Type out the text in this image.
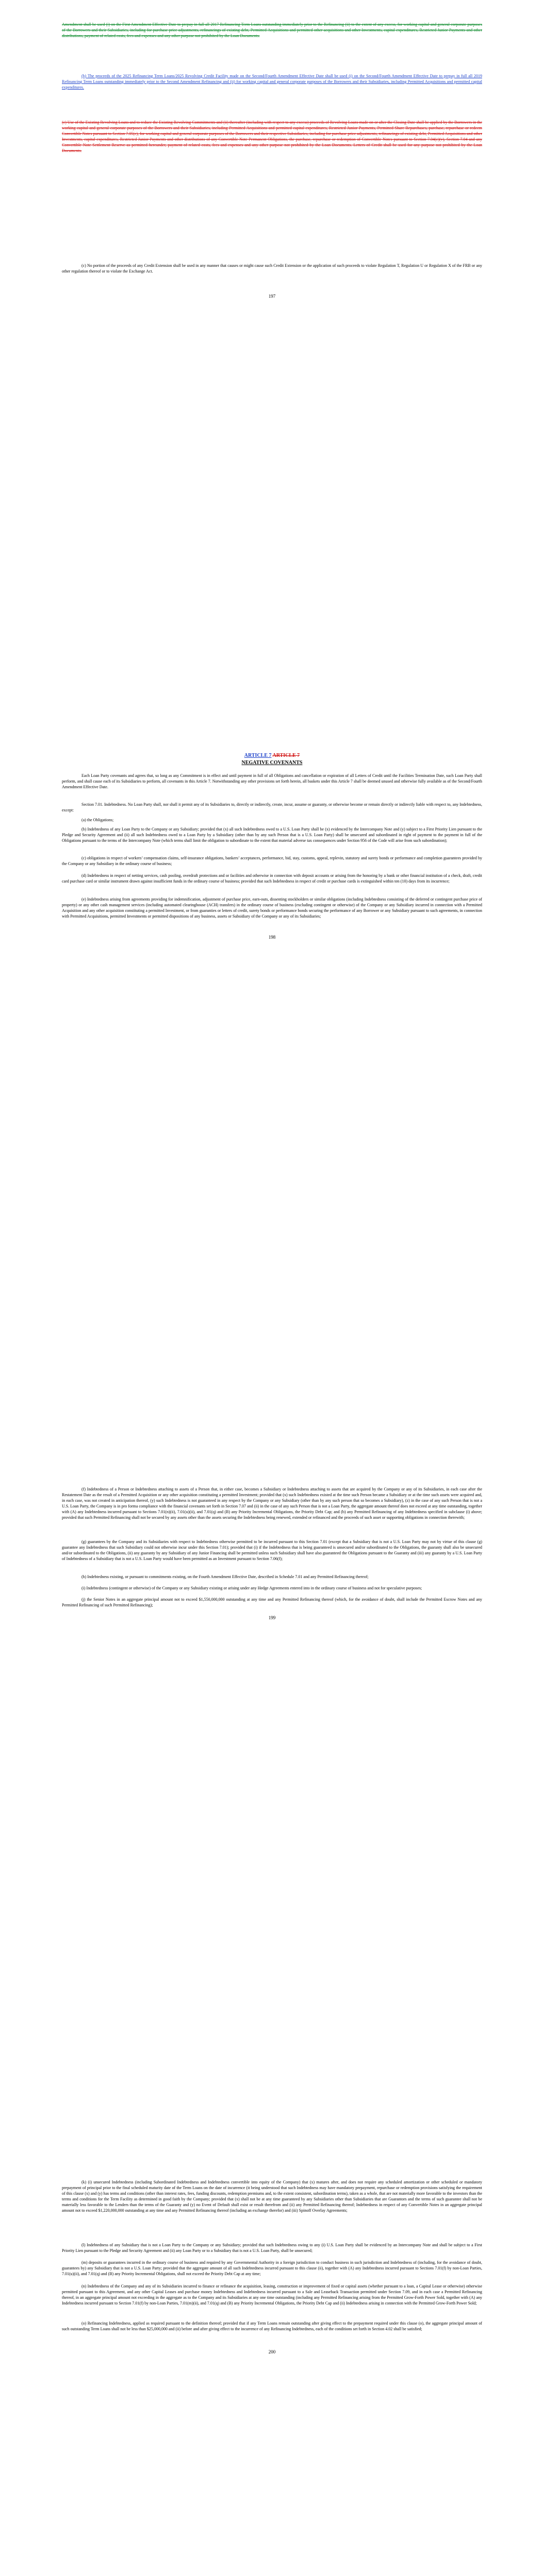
Amendment shall be used (i) on the First Amendment Effective Date to prepay in full all 2017 Refinancing Term Loans outstanding immediately prior to the Refinancing (ii) to the extent of any excess, for working capital and general corporate purposes of the Borrowers and their Subsidiaries, including for purchase price adjustments, refinancings of existing debt, Permitted Acquisitions and permitted other acquisitions and other Investments, capital expenditures, Restricted Junior Payments and other distributions, payment of related costs, fees and expenses and any other purpose not prohibited by the Loan Documents.
(b) The proceeds of the 2025 Refinancing Term Loans/2025 Revolving Credit Facility made on the Second/Fourth Amendment Effective Date shall be used (i) on the Second/Fourth Amendment Effective Date to prepay in full all 2019 Refinancing Term Loans outstanding immediately prior to the Second Amendment Refinancing and (ii) for working capital and general corporate purposes of the Borrowers and their Subsidiaries, including Permitted Acquisitions and permitted capital expenditures.
(c) Use of the Existing Revolving Loans and to reduce the Existing Revolving Commitments and (ii) thereafter (including with respect to any excess) proceeds of Revolving Loans made on or after the Closing Date shall be applied by the Borrowers in the working capital and general corporate purposes of the Borrowers and their Subsidiaries, including Permitted Acquisitions and permitted capital expenditures, Restricted Junior Payments, Permitted Share Repurchases, purchase, repurchase or redeem Convertible Notes pursuant to Section 7.05(c), for working capital and general corporate purposes of the Borrowers and their respective Subsidiaries, including for purchase price adjustments, refinancings of existing debt, Permitted Acquisitions and other Investments, capital expenditures, Restricted Junior Payments and other distributions of any Convertible Note Permanent Obligations, the purchase, repurchase or redemption of Convertible Notes pursuant to Section 7.04(c)(v), Section 7.04 and any Convertible Note Settlement Reserve as permitted hereunder, payment of related costs, fees and expenses and any other purpose not prohibited by the Loan Documents. Letters of Credit shall be used for any purpose not prohibited by the Loan Documents.
(c) No portion of the proceeds of any Credit Extension shall be used in any manner that causes or might cause such Credit Extension or the application of such proceeds to violate Regulation T, Regulation U or Regulation X of the FRB or any other regulation thereof or to violate the Exchange Act.
197
ARTICLE 7 ARTICLE 7
NEGATIVE COVENANTS
Each Loan Party covenants and agrees that, so long as any Commitment is in effect and until payment in full of all Obligations and cancellation or expiration of all Letters of Credit until the Facilities Termination Date, such Loan Party shall perform, and shall cause each of its Subsidiaries to perform, all covenants in this Article 7. Notwithstanding any other provisions set forth herein, all baskets under this Article 7 shall be deemed unused and otherwise fully available as of the Second/Fourth Amendment Effective Date.
Section 7.01. Indebtedness. No Loan Party shall, nor shall it permit any of its Subsidiaries to, directly or indirectly, create, incur, assume or guaranty, or otherwise become or remain directly or indirectly liable with respect to, any Indebtedness, except:
(a) the Obligations;
(b) Indebtedness of any Loan Party to the Company or any Subsidiary; provided that (x) all such Indebtedness owed to a U.S. Loan Party shall be (x) evidenced by the Intercompany Note and (y) subject to a First Priority Lien pursuant to the Pledge and Security Agreement and (ii) all such Indebtedness owed to a Loan Party by a Subsidiary (other than by any such Person that is a U.S. Loan Party) shall be unsecured and subordinated in right of payment to the payment in full of the Obligations pursuant to the terms of the Intercompany Note (which terms shall limit the obligation to subordinate to the extent that material adverse tax consequences under Section 956 of the Code will arise from such subordination);
(c) obligations in respect of workers’ compensation claims, self-insurance obligations, bankers’ acceptances, performance, bid, stay, customs, appeal, replevin, statutory and surety bonds or performance and completion guarantees provided by the Company or any Subsidiary in the ordinary course of business;
(d) Indebtedness in respect of netting services, cash pooling, overdraft protections and or facilities and otherwise in connection with deposit accounts or arising from the honoring by a bank or other financial institution of a check, draft, credit card purchase card or similar instrument drawn against insufficient funds in the ordinary course of business; provided that such Indebtedness in respect of credit or purchase cards is extinguished within ten (10) days from its incurrence;
(e) Indebtedness arising from agreements providing for indemnification, adjustment of purchase price, earn-outs, dissenting stockholders or similar obligations (including Indebtedness consisting of the deferred or contingent purchase price of property) or any other cash management services (including automated clearinghouse (ACH) transfers) in the ordinary course of business (excluding contingent or otherwise) of the Company or any Subsidiary incurred in connection with a Permitted Acquisition and any other acquisition constituting a permitted Investment, or from guaranties or letters of credit, surety bonds or performance bonds securing the performance of any Borrower or any Subsidiary pursuant to such agreements, in connection with Permitted Acquisitions, permitted Investments or permitted dispositions of any business, assets or Subsidiary of the Company or any of its Subsidiaries;
198
(f) Indebtedness of a Person or Indebtedness attaching to assets of a Person that, in either case, becomes a Subsidiary or Indebtedness attaching to assets that are acquired by the Company or any of its Subsidiaries, in each case after the Restatement Date as the result of a Permitted Acquisition or any other acquisition constituting a permitted Investment; provided that (x) such Indebtedness existed at the time such Person became a Subsidiary or at the time such assets were acquired and, in each case, was not created in anticipation thereof, (y) such Indebtedness is not guaranteed in any respect by the Company or any Subsidiary (other than by any such person that so becomes a Subsidiary), (z) in the case of any such Person that is not a U.S. Loan Party, the Company is in pro forma compliance with the financial covenants set forth in Section 7.07 and (ii) in the case of any such Person that is not a Loan Party, the aggregate amount thereof does not exceed at any time outstanding, together with (A) any Indebtedness incurred pursuant to Sections 7.01(n)(ii), 7.01(u)(ii), and 7.01(q) and (B) any Priority Incremental Obligations, the Priority Debt Cap; and (b) any Permitted Refinancing of any Indebtedness specified in subclause (i) above; provided that such Permitted Refinancing shall not be secured by any assets other than the assets securing the Indebtedness being renewed, extended or refinanced and the proceeds of such asset or supporting obligations in connection therewith;
(g) guarantees by the Company and its Subsidiaries with respect to Indebtedness otherwise permitted to be incurred pursuant to this Section 7.01 (except that a Subsidiary that is not a U.S. Loan Party may not by virtue of this clause (g) guarantee any Indebtedness that such Subsidiary could not otherwise incur under this Section 7.01); provided that (i) if the Indebtedness that is being guaranteed is unsecured and/or subordinated to the Obligations, the guaranty shall also be unsecured and/or subordinated to the Obligations, (ii) any guaranty by any Subsidiary of any Junior Financing shall be permitted unless such Subsidiary shall have also guaranteed the Obligations pursuant to the Guaranty and (iii) any guaranty by a U.S. Loan Party of Indebtedness of a Subsidiary that is not a U.S. Loan Party would have been permitted as an Investment pursuant to Section 7.06(f);
(h) Indebtedness existing, or pursuant to commitments existing, on the Fourth Amendment Effective Date, described in Schedule 7.01 and any Permitted Refinancing thereof;
(i) Indebtedness (contingent or otherwise) of the Company or any Subsidiary existing or arising under any Hedge Agreements entered into in the ordinary course of business and not for speculative purposes;
(j) the Senior Notes in an aggregate principal amount not to exceed $1,550,000,000 outstanding at any time and any Permitted Refinancing thereof (which, for the avoidance of doubt, shall include the Permitted Escrow Notes and any Permitted Refinancing of such Permitted Refinancing);
199
(k) (i) unsecured Indebtedness (including Subordinated Indebtedness and Indebtedness convertible into equity of the Company) that (x) matures after, and does not require any scheduled amortization or other scheduled or mandatory prepayment of principal prior to the final scheduled maturity date of the Term Loans on the date of incurrence (it being understood that such Indebtedness may have mandatory prepayment, repurchase or redemption provisions satisfying the requirement of this clause (x) and (y) has terms and conditions (other than interest rates, fees, funding discounts, redemption premiums and, to the extent consistent, subordination terms), taken as a whole, that are not materially more favorable to the investors than the terms and conditions for the Term Facility as determined in good faith by the Company; provided that (x) shall not be at any time guaranteed by any Subsidiaries other than Subsidiaries that are Guarantors and the terms of such guarantee shall not be materially less favorable to the Lenders than the terms of the Guaranty and (y) no Event of Default shall exist or result therefrom and (ii) any Permitted Refinancing thereof; Indebtedness in respect of any Convertible Notes in an aggregate principal amount not to exceed $1,220,000,000 outstanding at any time and any Permitted Refinancing thereof (including an exchange therefor) and (iii) Spinoff Overlay Agreements;
(l) Indebtedness of any Subsidiary that is not a Loan Party to the Company or any Subsidiary; provided that such Indebtedness owing to any (i) U.S. Loan Party shall be evidenced by an Intercompany Note and shall be subject to a First Priority Lien pursuant to the Pledge and Security Agreement and (ii) any Loan Party or to a Subsidiary that is not a U.S. Loan Party, shall be unsecured;
(m) deposits or guarantees incurred in the ordinary course of business and required by any Governmental Authority in a foreign jurisdiction to conduct business in such jurisdiction and Indebtedness of (including, for the avoidance of doubt, guarantees by) any Subsidiary that is not a U.S. Loan Party; provided that the aggregate amount of all such Indebtedness incurred pursuant to this clause (ii), together with (A) any Indebtedness incurred pursuant to Sections 7.01(f) by non-Loan Parties, 7.01(u)(ii), and 7.01(q) and (B) any Priority Incremental Obligations, shall not exceed the Priority Debt Cap at any time;
(n) Indebtedness of the Company and any of its Subsidiaries incurred to finance or refinance the acquisition, leasing, construction or improvement of fixed or capital assets (whether pursuant to a loan, a Capital Lease or otherwise) otherwise permitted pursuant to this Agreement, and any other Capital Leases and purchase money Indebtedness and Indebtedness incurred pursuant to a Sale and Leaseback Transaction permitted under Section 7.09, and in each case a Permitted Refinancing thereof, in an aggregate principal amount not exceeding in the aggregate as to the Company and its Subsidiaries at any one time outstanding (including any Permitted Refinancing arising from the Permitted Grow-Forth Power Sold, together with (A) any Indebtedness incurred pursuant to Section 7.01(f) by non-Loan Parties, 7.01(m)(ii), and 7.01(q) and (B) any Priority Incremental Obligations, the Priority Debt Cap and (ii) Indebtedness arising in connection with the Permitted Grow-Forth Power Sold;
(o) Refinancing Indebtedness, applied as required pursuant to the definition thereof; provided that if any Term Loans remain outstanding after giving effect to the prepayment required under this clause (o), the aggregate principal amount of such outstanding Term Loans shall not be less than $25,000,000 and (ii) before and after giving effect to the incurrence of any Refinancing Indebtedness, each of the conditions set forth in Section 4.02 shall be satisfied;
200
